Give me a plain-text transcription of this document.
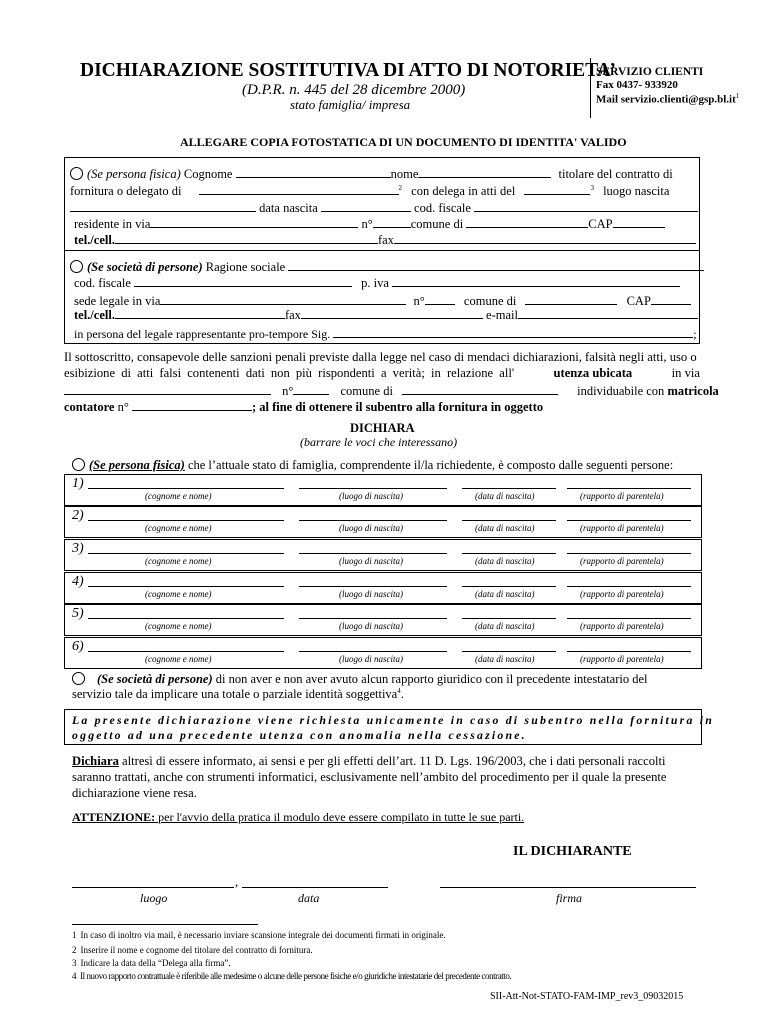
DICHIARAZIONE SOSTITUTIVA DI ATTO DI NOTORIETA’
(D.P.R. n. 445 del 28 dicembre 2000)
stato famiglia/ impresa
SERVIZIO CLIENTI
Fax 0437- 933920
Mail $servizio.clienti@gsp.bl.it^1$
ALLEGARE COPIA FOTOSTATICA DI UN DOCUMENTO DI IDENTITA' VALIDO
(Se persona fisica) Cognome	nome	titolare del contratto di
fornitura o delegato di	$^2$ con delega in atti del	$^3$ luogo nascita
data nascita	cod. fiscale
residente in via	n°	comune di	CAP
tel./cell.	fax
(Se società di persone) Ragione sociale
cod. fiscale	p. iva
sede legale in via	n°	comune di	CAP
tel./cell.	fax	e-mail
in persona del legale rappresentante pro-tempore Sig.	;
Il sottoscritto, consapevole delle sanzioni penali previste dalla legge nel caso di mendaci dichiarazioni, falsità negli atti, uso o
esibizione di atti falsi contenenti dati non più rispondenti a verità; in relazione all'	utenza ubicata	in via
n°	comune di	individuabile con matricola
contatore n°	; al fine di ottenere il subentro alla fornitura in oggetto
DICHIARA
(barrare le voci che interessano)
(Se persona fisica) che l’attuale stato di famiglia, comprendente il/la richiedente, è composto dalle seguenti persone:
1)
(cognome e nome)	(luogo di nascita)	(data di nascita)	(rapporto di parentela)
2)
(cognome e nome)	(luogo di nascita)	(data di nascita)	(rapporto di parentela)
3)
(cognome e nome)	(luogo di nascita)	(data di nascita)	(rapporto di parentela)
4)
(cognome e nome)	(luogo di nascita)	(data di nascita)	(rapporto di parentela)
5)
(cognome e nome)	(luogo di nascita)	(data di nascita)	(rapporto di parentela)
6)
(cognome e nome)	(luogo di nascita)	(data di nascita)	(rapporto di parentela)
(Se società di persone) di non aver e non aver avuto alcun rapporto giuridico con il precedente intestatario del
servizio tale da implicare una totale o parziale identità soggettiva$^4$.
La presente dichiarazione viene richiesta unicamente in caso di subentro nella fornitura in
oggetto ad una precedente utenza con anomalia nella cessazione.
Dichiara altresì di essere informato, ai sensi e per gli effetti dell’art. 11 D. Lgs. 196/2003, che i dati personali raccolti
saranno trattati, anche con strumenti informatici, esclusivamente nell’ambito del procedimento per il quale la presente
dichiarazione viene resa.
ATTENZIONE: per l'avvio della pratica il modulo deve essere compilato in tutte le sue parti.
IL DICHIARANTE
,
luogo	data	firma
1 In caso di inoltro via mail, è necessario inviare scansione integrale dei documenti firmati in originale.
2 Inserire il nome e cognome del titolare del contratto di fornitura.
3 Indicare la data della “Delega alla firma”.
4 Il nuovo rapporto contrattuale è riferibile alle medesime o alcune delle persone fisiche e/o giuridiche intestatarie del precedente contratto.
SII-Att-Not-STATO-FAM-IMP_rev3_09032015
